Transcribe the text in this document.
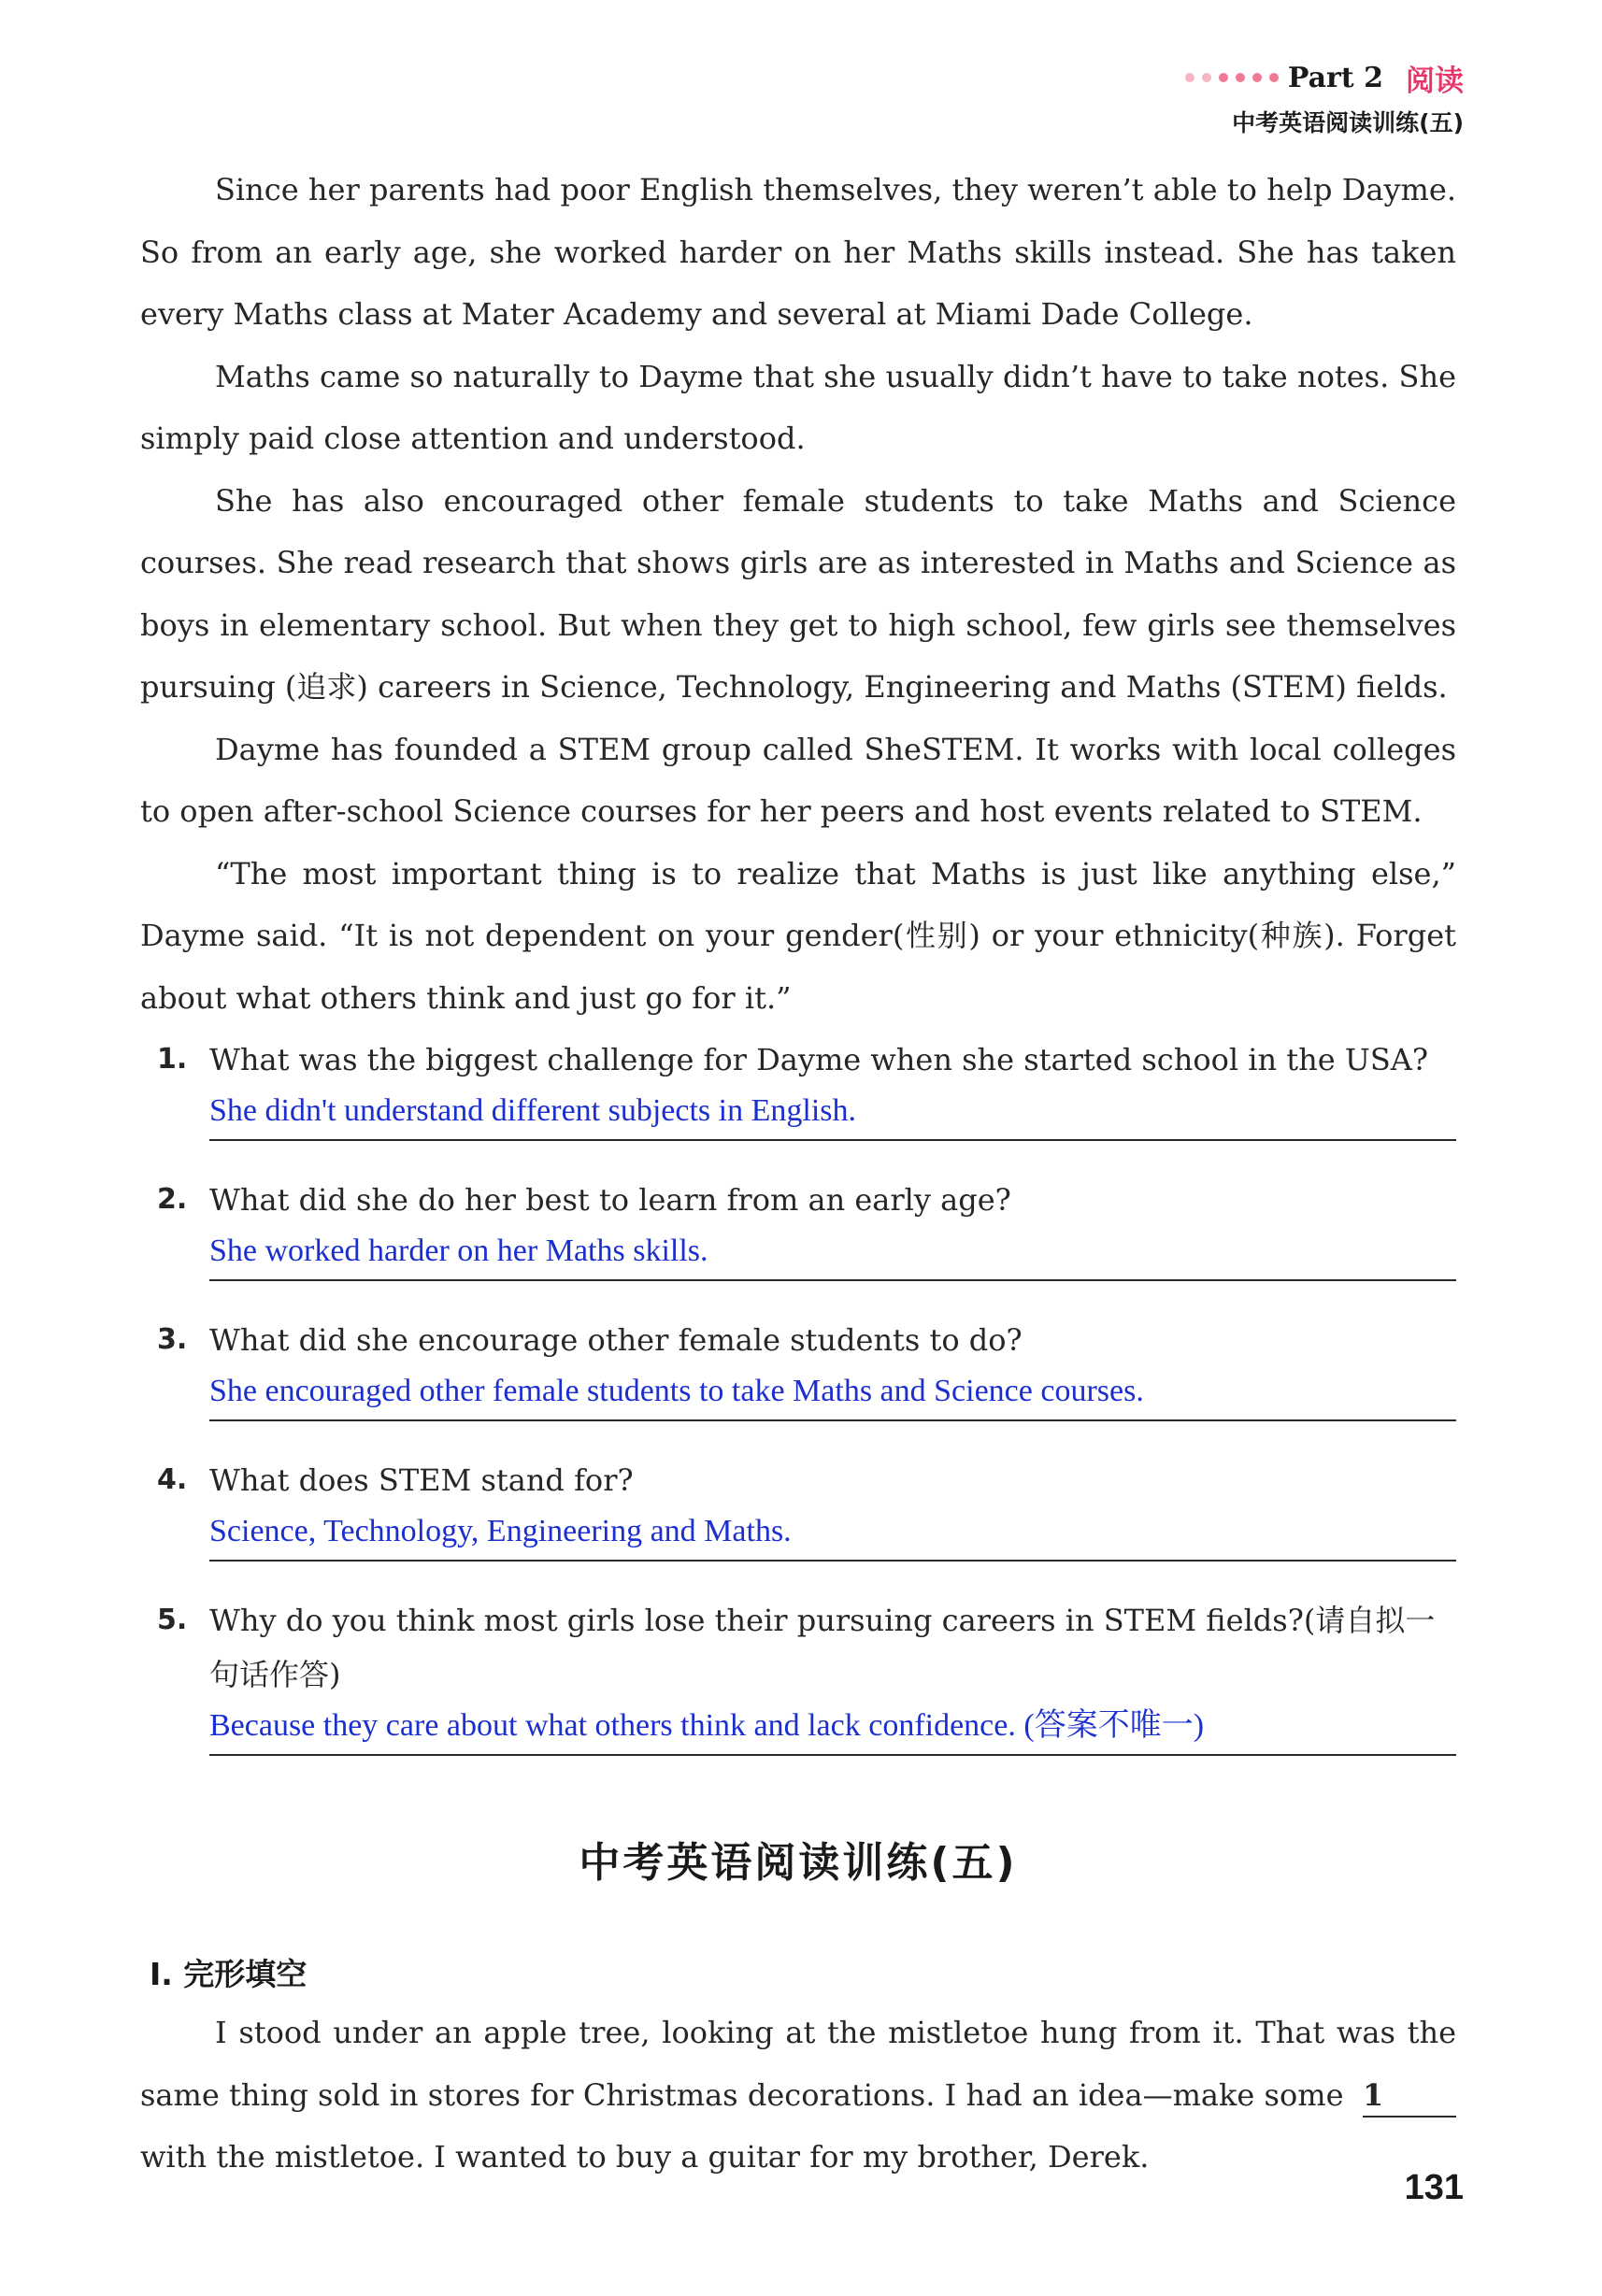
Part 2 阅读
中考英语阅读训练(五)

Since her parents had poor English themselves, they weren’t able to help Dayme. So from an early age, she worked harder on her Maths skills instead. She has taken every Maths class at Mater Academy and several at Miami Dade College.

Maths came so naturally to Dayme that she usually didn’t have to take notes. She simply paid close attention and understood.

She has also encouraged other female students to take Maths and Science courses. She read research that shows girls are as interested in Maths and Science as boys in elementary school. But when they get to high school, few girls see themselves pursuing (追求) careers in Science, Technology, Engineering and Maths (STEM) fields.

Dayme has founded a STEM group called SheSTEM. It works with local colleges to open after-school Science courses for her peers and host events related to STEM.

“The most important thing is to realize that Maths is just like anything else,” Dayme said. “It is not dependent on your gender(性别) or your ethnicity(种族). Forget about what others think and just go for it.”

1. What was the biggest challenge for Dayme when she started school in the USA?
She didn't understand different subjects in English.
2. What did she do her best to learn from an early age?
She worked harder on her Maths skills.
3. What did she encourage other female students to do?
She encouraged other female students to take Maths and Science courses.
4. What does STEM stand for?
Science, Technology, Engineering and Maths.
5. Why do you think most girls lose their pursuing careers in STEM fields?(请自拟一句话作答)
Because they care about what others think and lack confidence. (答案不唯一)
中考英语阅读训练(五)
Ⅰ. 完形填空

I stood under an apple tree, looking at the mistletoe hung from it. That was the same thing sold in stores for Christmas decorations. I had an idea—make some 1 with the mistletoe. I wanted to buy a guitar for my brother, Derek.

131
